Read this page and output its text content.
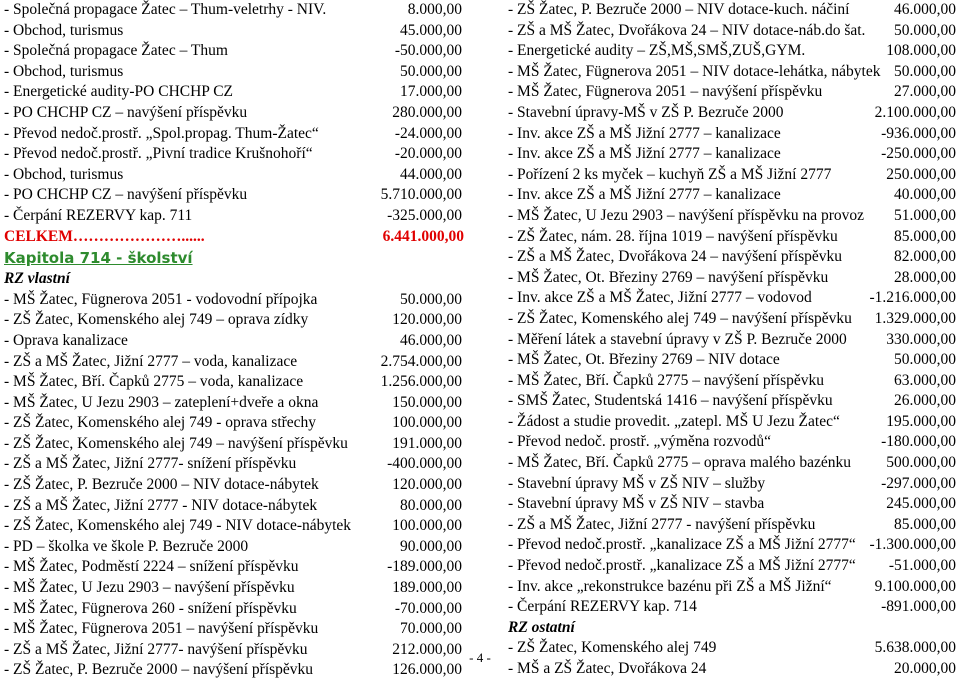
- Společná propagace Žatec – Thum-veletrhy - NIV.	8.000,00
- Obchod, turismus	45.000,00
- Společná propagace Žatec – Thum	-50.000,00
- Obchod, turismus	50.000,00
- Energetické audity-PO CHCHP CZ	17.000,00
- PO CHCHP CZ – navýšení příspěvku	280.000,00
- Převod nedoč.prostř. „Spol.propag. Thum-Žatec“	-24.000,00
- Převod nedoč.prostř. „Pivní tradice Krušnohoří“	-20.000,00
- Obchod, turismus	44.000,00
- PO CHCHP CZ – navýšení příspěvku	5.710.000,00
- Čerpání REZERVY kap. 711	-325.000,00
CELKEM…………………......	6.441.000,00
Kapitola 714 - školství
RZ vlastní
- MŠ Žatec, Fügnerova 2051 - vodovodní přípojka	50.000,00
- ZŠ Žatec, Komenského alej 749 – oprava zídky	120.000,00
- Oprava kanalizace	46.000,00
- ZŠ a MŠ Žatec, Jižní 2777 – voda, kanalizace	2.754.000,00
- MŠ Žatec, Bří. Čapků 2775 – voda, kanalizace	1.256.000,00
- MŠ Žatec, U Jezu 2903 – zateplení+dveře a okna	150.000,00
- ZŠ Žatec, Komenského alej 749 - oprava střechy	100.000,00
- ZŠ Žatec, Komenského alej 749 – navýšení příspěvku	191.000,00
- ZŠ a MŠ Žatec, Jižní 2777- snížení příspěvku	-400.000,00
- ZŠ Žatec, P. Bezruče 2000 – NIV dotace-nábytek	120.000,00
- ZŠ a MŠ Žatec, Jižní 2777 - NIV dotace-nábytek	80.000,00
- ZŠ Žatec, Komenského alej 749 - NIV dotace-nábytek	100.000,00
- PD – školka ve škole P. Bezruče 2000	90.000,00
- MŠ Žatec, Podměstí 2224 – snížení příspěvku	-189.000,00
- MŠ Žatec, U Jezu 2903 – navýšení příspěvku	189.000,00
- MŠ Žatec, Fügnerova 260 - snížení příspěvku	-70.000,00
- MŠ Žatec, Fügnerova 2051 – navýšení příspěvku	70.000,00
- ZŠ a MŠ Žatec, Jižní 2777- navýšení příspěvku	212.000,00
- ZŠ Žatec, P. Bezruče 2000 – navýšení příspěvku	126.000,00
- ZŠ Žatec, P. Bezruče 2000 – NIV dotace-kuch. náčiní	46.000,00
- ZŠ a MŠ Žatec, Dvořákova 24 – NIV dotace-náb.do šat. 50.000,00
- Energetické audity – ZŠ,MŠ,SMŠ,ZUŠ,GYM.	108.000,00
- MŠ Žatec, Fügnerova 2051 – NIV dotace-lehátka, nábytek 50.000,00
- MŠ Žatec, Fügnerova 2051 – navýšení příspěvku	27.000,00
- Stavební úpravy-MŠ v ZŠ P. Bezruče 2000	2.100.000,00
- Inv. akce ZŠ a MŠ Jižní 2777 – kanalizace	-936.000,00
- Inv. akce ZŠ a MŠ Jižní 2777 – kanalizace	-250.000,00
- Pořízení 2 ks myček – kuchyň ZŠ a MŠ Jižní 2777	250.000,00
- Inv. akce ZŠ a MŠ Jižní 2777 – kanalizace	40.000,00
- MŠ Žatec, U Jezu 2903 – navýšení příspěvku na provoz 51.000,00
- ZŠ Žatec, nám. 28. října 1019 – navýšení příspěvku	85.000,00
- ZŠ a MŠ Žatec, Dvořákova 24 – navýšení příspěvku	82.000,00
- MŠ Žatec, Ot. Březiny 2769 – navýšení příspěvku	28.000,00
- Inv. akce ZŠ a MŠ Žatec, Jižní 2777 – vodovod	-1.216.000,00
- ZŠ Žatec, Komenského alej 749 – navýšení příspěvku 1.329.000,00
- Měření látek a stavební úpravy v ZŠ P. Bezruče 2000	330.000,00
- MŠ Žatec, Ot. Březiny 2769 – NIV dotace	50.000,00
- MŠ Žatec, Bří. Čapků 2775 – navýšení příspěvku	63.000,00
- SMŠ Žatec, Studentská 1416 – navýšení příspěvku	26.000,00
- Žádost a studie provedit. „zatepl. MŠ U Jezu Žatec“	195.000,00
- Převod nedoč. prostř. „výměna rozvodů“	-180.000,00
- MŠ Žatec, Bří. Čapků 2775 – oprava malého bazénku 500.000,00
- Stavební úpravy MŠ v ZŠ NIV – služby	-297.000,00
- Stavební úpravy MŠ v ZŠ NIV – stavba	245.000,00
- ZŠ a MŠ Žatec, Jižní 2777 - navýšení příspěvku	85.000,00
- Převod nedoč.prostř. „kanalizace ZŠ a MŠ Jižní 2777“ -1.300.000,00
- Převod nedoč.prostř. „kanalizace ZŠ a MŠ Jižní 2777“ -51.000,00
- Inv. akce „rekonstrukce bazénu při ZŠ a MŠ Jižní“	9.100.000,00
- Čerpání REZERVY kap. 714	-891.000,00
RZ ostatní
- ZŠ Žatec, Komenského alej 749	5.638.000,00
- MŠ a ZŠ Žatec, Dvořákova 24	20.000,00
- 4 -
